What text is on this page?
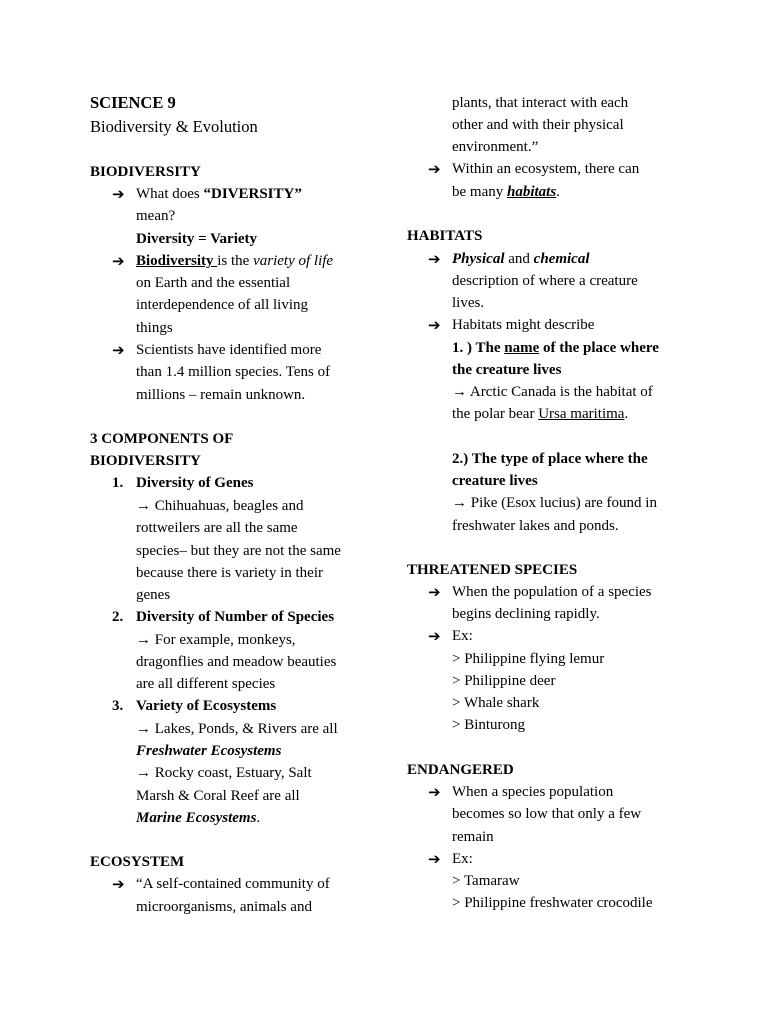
SCIENCE 9
Biodiversity & Evolution
BIODIVERSITY
➔ What does “DIVERSITY”
mean?
Diversity = Variety
➔ Biodiversity is the variety of life
on Earth and the essential
interdependence of all living
things
➔ Scientists have identified more
than 1.4 million species. Tens of
millions – remain unknown.
3 COMPONENTS OF
BIODIVERSITY
1. Diversity of Genes
→ Chihuahuas, beagles and
rottweilers are all the same
species– but they are not the same
because there is variety in their
genes
2. Diversity of Number of Species
→ For example, monkeys,
dragonflies and meadow beauties
are all different species
3. Variety of Ecosystems
→ Lakes, Ponds, & Rivers are all
Freshwater Ecosystems
→ Rocky coast, Estuary, Salt
Marsh & Coral Reef are all
Marine Ecosystems.
ECOSYSTEM
➔ “A self-contained community of
microorganisms, animals and
plants, that interact with each
other and with their physical
environment.”
➔ Within an ecosystem, there can
be many habitats.
HABITATS
➔ Physical and chemical
description of where a creature
lives.
➔ Habitats might describe
1. ) The name of the place where
the creature lives
→ Arctic Canada is the habitat of
the polar bear Ursa maritima.
2.) The type of place where the
creature lives
→ Pike (Esox lucius) are found in
freshwater lakes and ponds.
THREATENED SPECIES
➔ When the population of a species
begins declining rapidly.
➔ Ex:
> Philippine flying lemur
> Philippine deer
> Whale shark
> Binturong
ENDANGERED
➔ When a species population
becomes so low that only a few
remain
➔ Ex:
> Tamaraw
> Philippine freshwater crocodile
